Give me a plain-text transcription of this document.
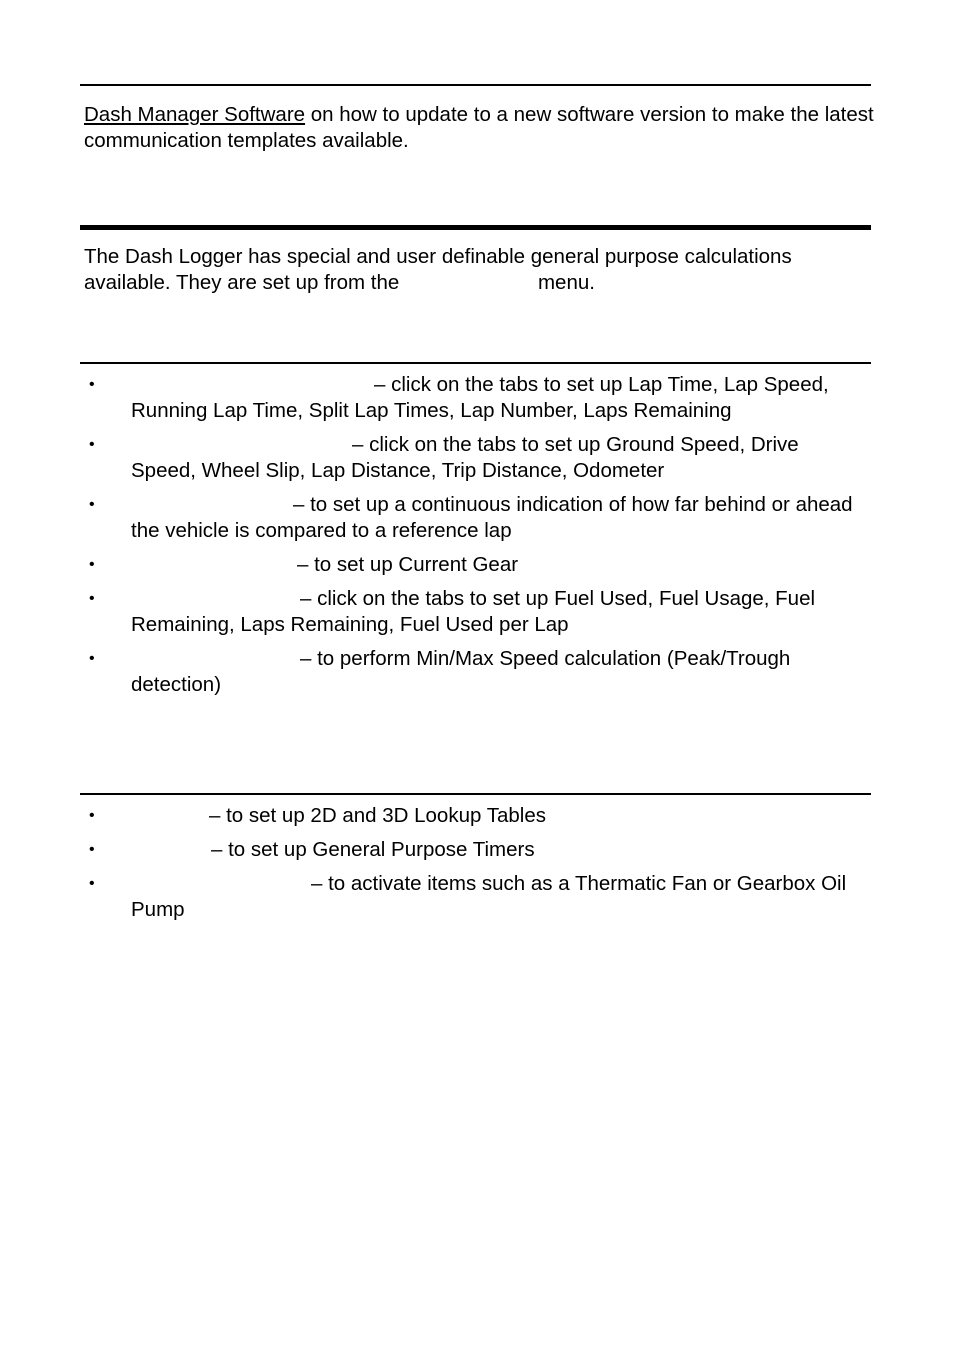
Dash Manager Software on how to update to a new software version to make the latest communication templates available.

The Dash Logger has special and user definable general purpose calculations available. They are set up from the	menu.

•	– click on the tabs to set up Lap Time, Lap Speed, Running Lap Time, Split Lap Times, Lap Number, Laps Remaining
•	– click on the tabs to set up Ground Speed, Drive Speed, Wheel Slip, Lap Distance, Trip Distance, Odometer
•	– to set up a continuous indication of how far behind or ahead the vehicle is compared to a reference lap
•	– to set up Current Gear
•	– click on the tabs to set up Fuel Used, Fuel Usage, Fuel Remaining, Laps Remaining, Fuel Used per Lap
•	– to perform Min/Max Speed calculation (Peak/Trough detection)
•	– to set up 2D and 3D Lookup Tables
•	– to set up General Purpose Timers
•	– to activate items such as a Thermatic Fan or Gearbox Oil Pump
